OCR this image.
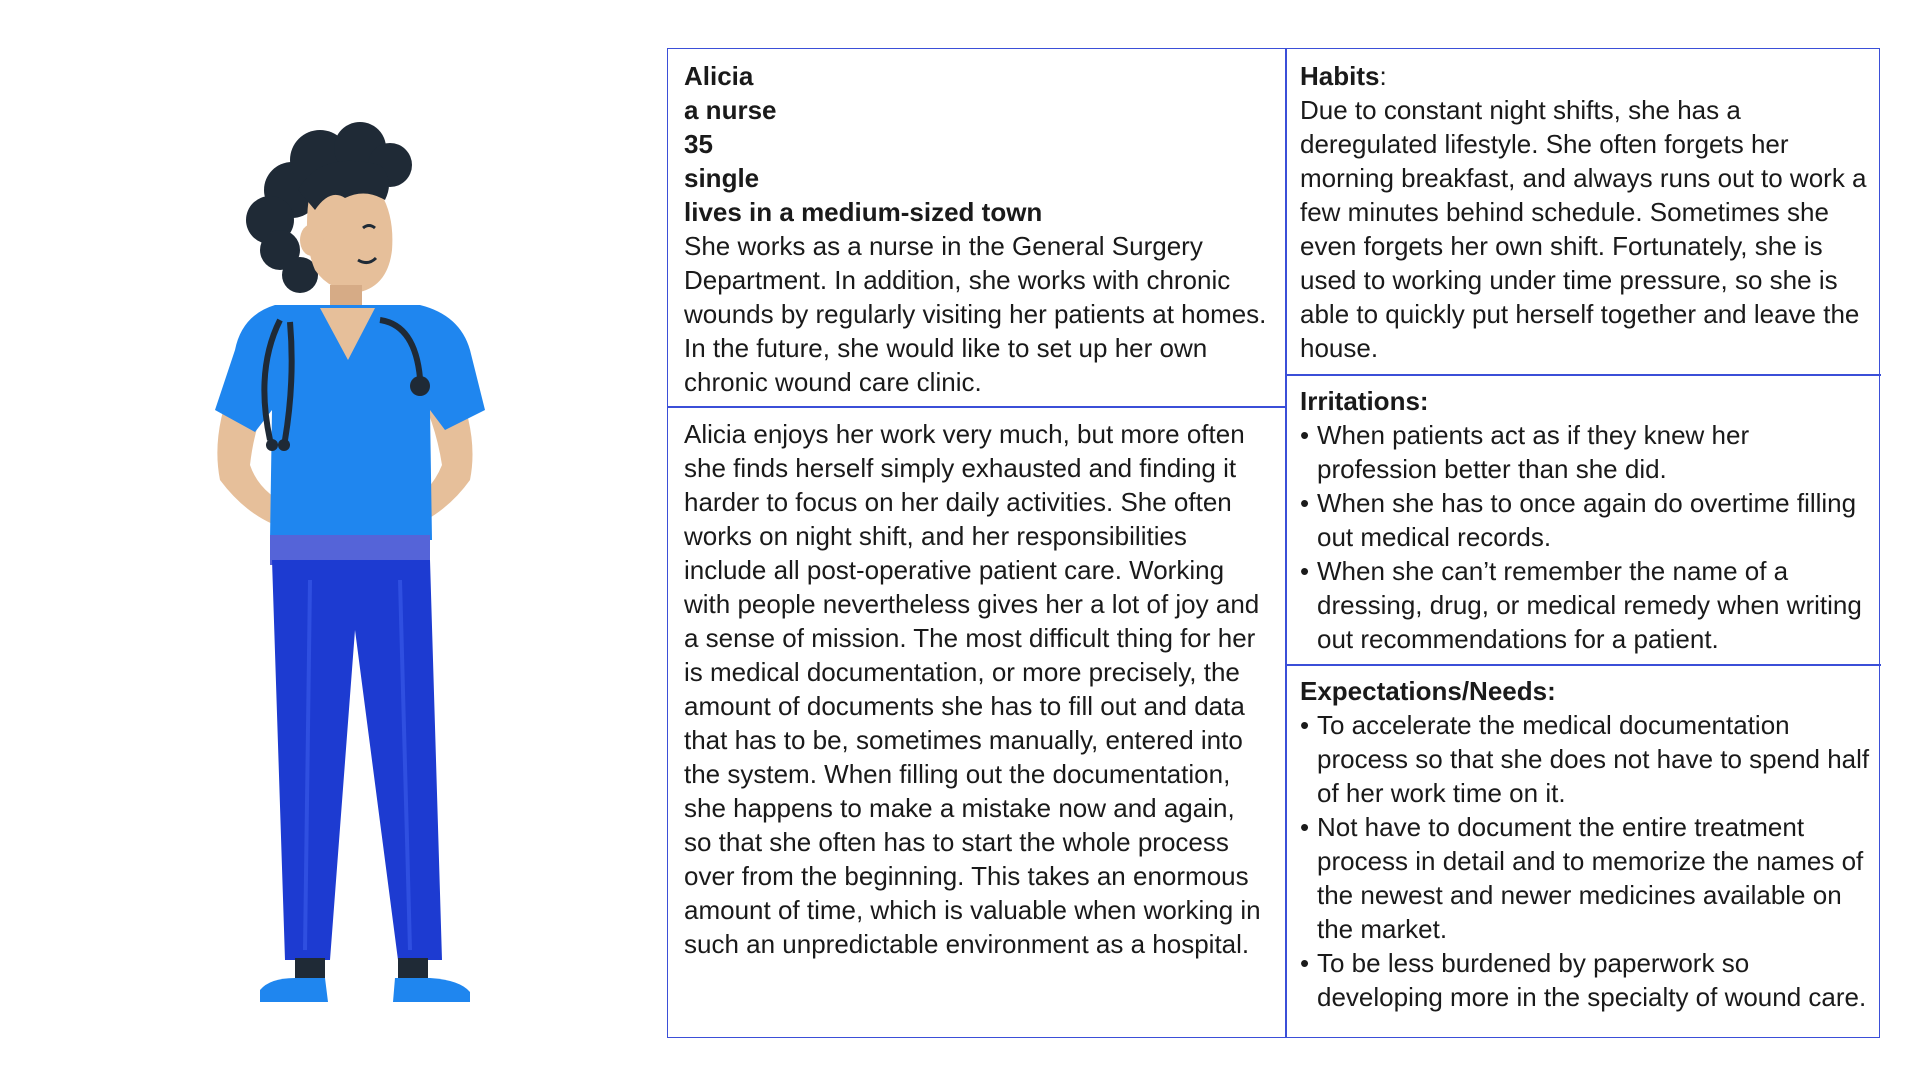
Alicia
a nurse
35
single
lives in a medium-sized town

She works as a nurse in the General Surgery Department. In addition, she works with chronic wounds by regularly visiting her patients at homes. In the future, she would like to set up her own chronic wound care clinic.

Alicia enjoys her work very much, but more often she finds herself simply exhausted and finding it harder to focus on her daily activities. She often works on night shift, and her responsibilities include all post-operative patient care. Working with people nevertheless gives her a lot of joy and a sense of mission. The most difficult thing for her is medical documentation, or more precisely, the amount of documents she has to fill out and data that has to be, sometimes manually, entered into the system. When filling out the documentation, she happens to make a mistake now and again, so that she often has to start the whole process over from the beginning. This takes an enormous amount of time, which is valuable when working in such an unpredictable environment as a hospital.

Habits:

Due to constant night shifts, she has a deregulated lifestyle. She often forgets her morning breakfast, and always runs out to work a few minutes behind schedule. Sometimes she even forgets her own shift. Fortunately, she is used to working under time pressure, so she is able to quickly put herself together and leave the house.

Irritations:
• When patients act as if they knew her profession better than she did.
• When she has to once again do overtime filling out medical records.
• When she can’t remember the name of a dressing, drug, or medical remedy when writing out recommendations for a patient.
Expectations/Needs:
• To accelerate the medical documentation process so that she does not have to spend half of her work time on it.
• Not have to document the entire treatment process in detail and to memorize the names of the newest and newer medicines available on the market.
• To be less burdened by paperwork so developing more in the specialty of wound care.
